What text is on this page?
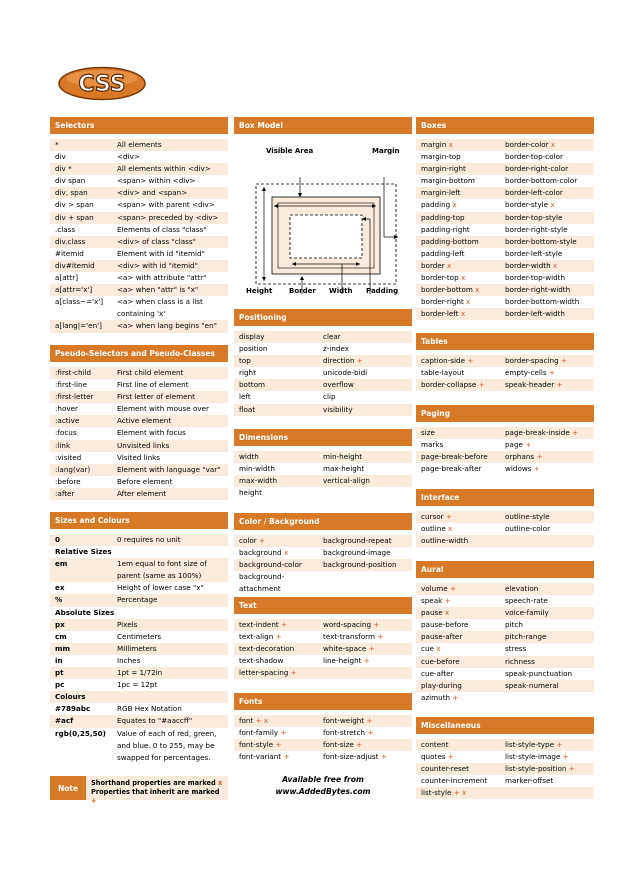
CSS
Selectors
*	All elements
div	<div>
div *	All elements within <div>
div span	<span> within <div>
div, span	<div> and <span>
div > span	<span> with parent <div>
div + span	<span> preceded by <div>
.class	Elements of class "class"
div.class	<div> of class "class"
#itemid	Element with id "itemid"
div#itemid	<div> with id "itemid"
a[attr]	<a> with attribute "attr"
a[attr='x']	<a> when "attr" is "x"
a[class~='x']	<a> when class is a list containing 'x'
a[lang|='en']	<a> when lang begins "en"
Pseudo-Selectors and Pseudo-Classes
:first-child	First child element
:first-line	First line of element
:first-letter	First letter of element
:hover	Element with mouse over
:active	Active element
:focus	Element with focus
:link	Unvisited links
:visited	Visited links
:lang(var)	Element with language "var"
:before	Before element
:after	After element
Sizes and Colours
0	0 requires no unit
Relative Sizes
em	1em equal to font size of parent (same as 100%)
ex	Height of lower case "x"
%	Percentage
Absolute Sizes
px	Pixels
cm	Centimeters
mm	Millimeters
in	Inches
pt	1pt = 1/72in
pc	1pc = 12pt
Colours
#789abc	RGB Hex Notation
#acf	Equates to "#aaccff"
rgb(0,25,50)	Value of each of red, green, and blue. 0 to 255, may be swapped for percentages.
Note
Shorthand properties are marked x
Properties that inherit are marked +
Box Model
Visible Area	Margin
Height Border Width Padding
Positioning
display	clear
position	z-index
top	direction +
right	unicode-bidi
bottom	overflow
left	clip
float	visibility
Dimensions
width	min-height
min-width	max-height
max-width	vertical-align
height
Color / Background
color +	background-repeat
background x	background-image
background-color	background-position
background-attachment
Text
text-indent +	word-spacing +
text-align +	text-transform +
text-decoration	white-space +
text-shadow	line-height +
letter-spacing +
Fonts
font + x	font-weight +
font-family +	font-stretch +
font-style +	font-size +
font-variant +	font-size-adjust +
Available free from
www.AddedBytes.com
Boxes
margin x	border-color x
margin-top	border-top-color
margin-right	border-right-color
margin-bottom	border-bottom-color
margin-left	border-left-color
padding x	border-style x
padding-top	border-top-style
padding-right	border-right-style
padding-bottom	border-bottom-style
padding-left	border-left-style
border x	border-width x
border-top x	border-top-width
border-bottom x	border-right-width
border-right x	border-bottom-width
border-left x	border-left-width
Tables
caption-side +	border-spacing +
table-layout	empty-cells +
border-collapse +	speak-header +
Paging
size	page-break-inside +
marks	page +
page-break-before	orphans +
page-break-after	widows +
Interface
cursor +	outline-style
outline x	outline-color
outline-width
Aural
volume +	elevation
speak +	speech-rate
pause x	voice-family
pause-before	pitch
pause-after	pitch-range
cue x	stress
cue-before	richness
cue-after	speak-punctuation
play-during	speak-numeral
azimuth +
Miscellaneous
content	list-style-type +
quotes +	list-style-image +
counter-reset	list-style-position +
counter-increment	marker-offset
list-style + x
